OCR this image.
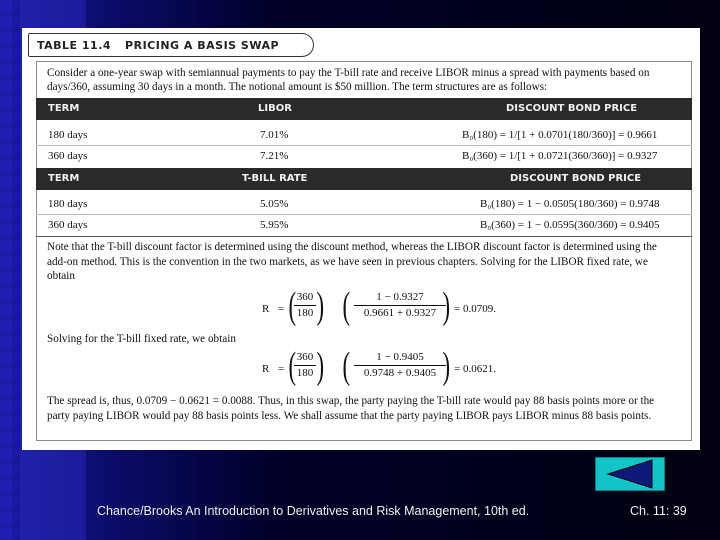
TABLE 11.4 PRICING A BASIS SWAP
Consider a one-year swap with semiannual payments to pay the T-bill rate and receive LIBOR minus a spread with payments based on days/360, assuming 30 days in a month. The notional amount is $50 million. The term structures are as follows:
TERM	LIBOR	DISCOUNT BOND PRICE
180 days	7.01%	B₀(180) = 1/[1 + 0.0701(180/360)] = 0.9661
360 days	7.21%	B₀(360) = 1/[1 + 0.0721(360/360)] = 0.9327
TERM	T-BILL RATE	DISCOUNT BOND PRICE
180 days	5.05%	B₀(180) = 1 − 0.0505(180/360) = 0.9748
360 days	5.95%	B₀(360) = 1 − 0.0595(360/360) = 0.9405
Note that the T-bill discount factor is determined using the discount method, whereas the LIBOR discount factor is determined using the add-on method. This is the convention in the two markets, as we have seen in previous chapters. Solving for the LIBOR fixed rate, we obtain
R = (
$\frac{360}{180}$ ) ( $\frac{1 - 0.9327}{0.9661 + 0.9327}$
) = 0.0709.
Solving for the T-bill fixed rate, we obtain
R = (
$\frac{360}{180}$ ) ( $\frac{1 - 0.9405}{0.9748 + 0.9405}$
) = 0.0621.
The spread is, thus, 0.0709 − 0.0621 = 0.0088. Thus, in this swap, the party paying the T-bill rate would pay 88 basis points more or the party paying LIBOR would pay 88 basis points less. We shall assume that the party paying LIBOR pays LIBOR minus 88 basis points.
Chance/Brooks An Introduction to Derivatives and Risk Management, 10th ed.	Ch. 11: 39
